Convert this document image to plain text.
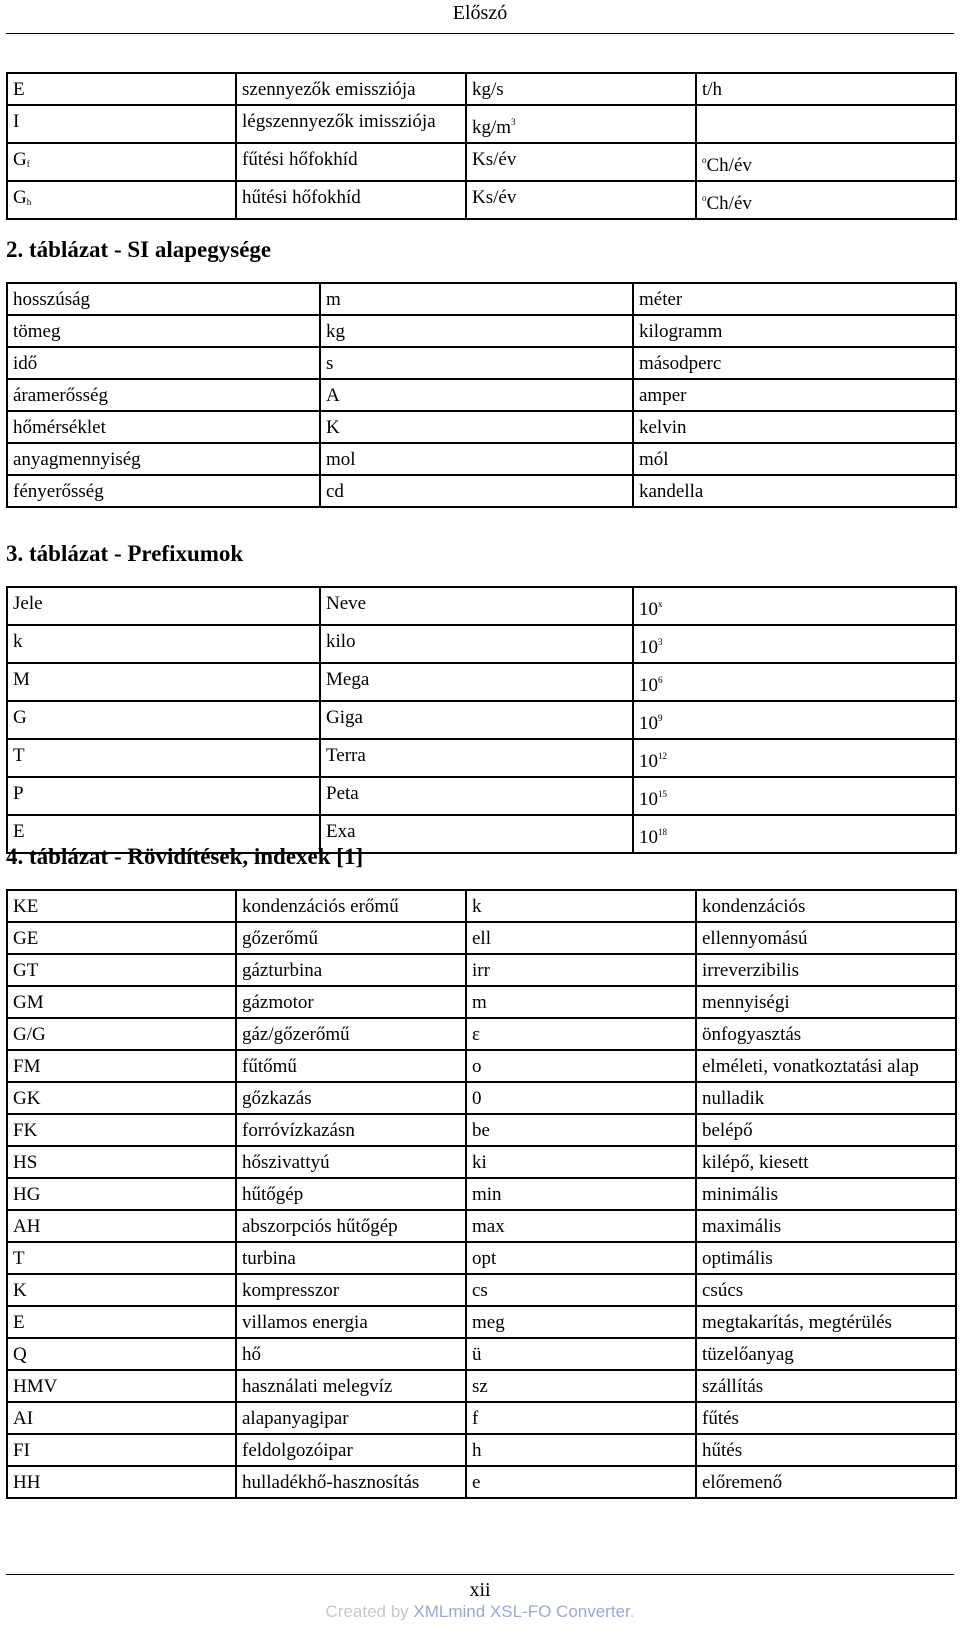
Előszó
E	szennyezők emissziója	kg/s	t/h
I	légszennyezők imissziója	$kg/m^3$	
$G_f$	fűtési hőfokhíd	Ks/év	$^o$Ch/év
$G_h$	hűtési hőfokhíd	Ks/év	$^o$Ch/év
2. táblázat - SI alapegysége
hosszúság	m	méter
tömeg	kg	kilogramm
idő	s	másodperc
áramerősség	A	amper
hőmérséklet	K	kelvin
anyagmennyiség	mol	mól
fényerősség	cd	kandella
3. táblázat - Prefixumok
Jele	Neve	10$^x$
k	kilo	$10^3$
M	Mega	$10^6$
G	Giga	$10^9$
T	Terra	$10^{12}$
P	Peta	$10^{15}$
E	Exa	$10^{18}$
4. táblázat - Rövidítések, indexek [1]
KE	kondenzációs erőmű	k	kondenzációs
GE	gőzerőmű	ell	ellennyomású
GT	gázturbina	irr	irreverzibilis
GM	gázmotor	m	mennyiségi
G/G	gáz/gőzerőmű	ε	önfogyasztás
FM	fűtőmű	o	elméleti, vonatkoztatási alap
GK	gőzkazás	0	nulladik
FK	forróvízkazásn	be	belépő
HS	hőszivattyú	ki	kilépő, kiesett
HG	hűtőgép	min	minimális
AH	abszorpciós hűtőgép	max	maximális
T	turbina	opt	optimális
K	kompresszor	cs	csúcs
E	villamos energia	meg	megtakarítás, megtérülés
Q	hő	ü	tüzelőanyag
HMV	használati melegvíz	sz	szállítás
AI	alapanyagipar	f	fűtés
FI	feldolgozóipar	h	hűtés
HH	hulladékhő-hasznosítás	e	előremenő
xii
Created by XMLmind XSL-FO Converter.
